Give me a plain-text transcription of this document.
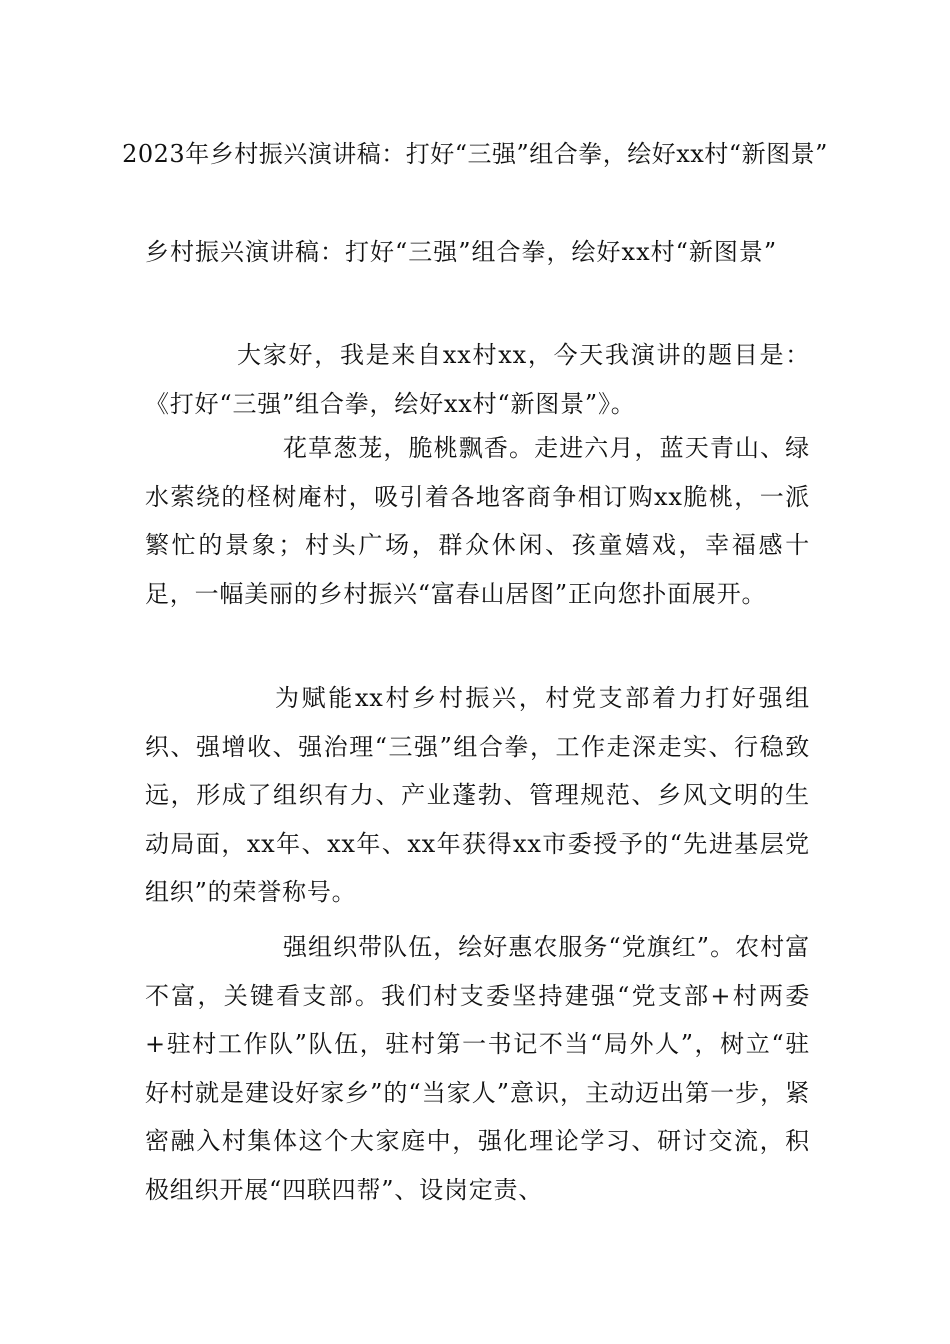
2023年乡村振兴演讲稿：打好“三强”组合拳，绘好xx村“新图景”
乡村振兴演讲稿：打好“三强”组合拳，绘好xx村“新图景”
大家好，我是来自xx村xx，今天我演讲的题目是：《打好“三强”组合拳，绘好xx村“新图景”》。
花草葱茏，脆桃飘香。走进六月，蓝天青山、绿水萦绕的柽树庵村，吸引着各地客商争相订购xx脆桃，一派繁忙的景象；村头广场，群众休闲、孩童嬉戏，幸福感十足，一幅美丽的乡村振兴“富春山居图”正向您扑面展开。
为赋能xx村乡村振兴，村党支部着力打好强组织、强增收、强治理“三强”组合拳，工作走深走实、行稳致远，形成了组织有力、产业蓬勃、管理规范、乡风文明的生动局面，xx年、xx年、xx年获得xx市委授予的“先进基层党组织”的荣誉称号。
强组织带队伍，绘好惠农服务“党旗红”。农村富不富，关键看支部。我们村支委坚持建强“党支部+村两委+驻村工作队”队伍，驻村第一书记不当“局外人”，树立“驻好村就是建设好家乡”的“当家人”意识，主动迈出第一步，紧密融入村集体这个大家庭中，强化理论学习、研讨交流，积极组织开展“四联四帮”、设岗定责、
